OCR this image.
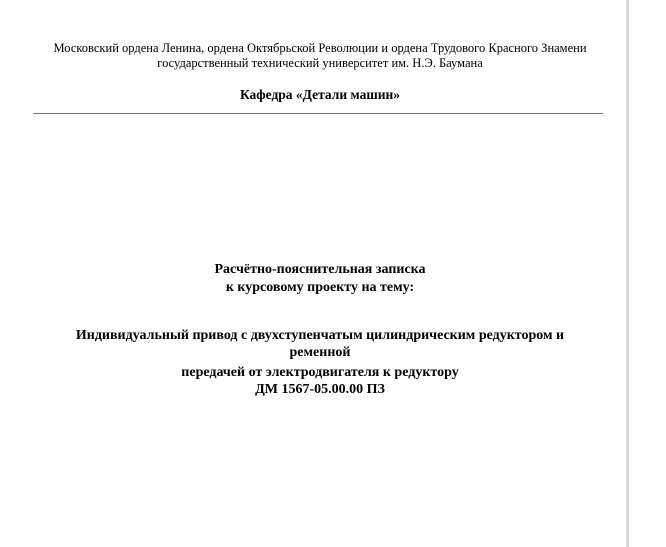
Московский ордена Ленина, ордена Октябрьской Революции и ордена Трудового Красного Знамени
государственный технический университет им. Н.Э. Баумана
Кафедра «Детали машин»
Расчётно-пояснительная записка
к курсовому проекту на тему:
Индивидуальный привод с двухступенчатым цилиндрическим редуктором и
ременной
передачей от электродвигателя к редуктору
ДМ 1567-05.00.00 ПЗ
